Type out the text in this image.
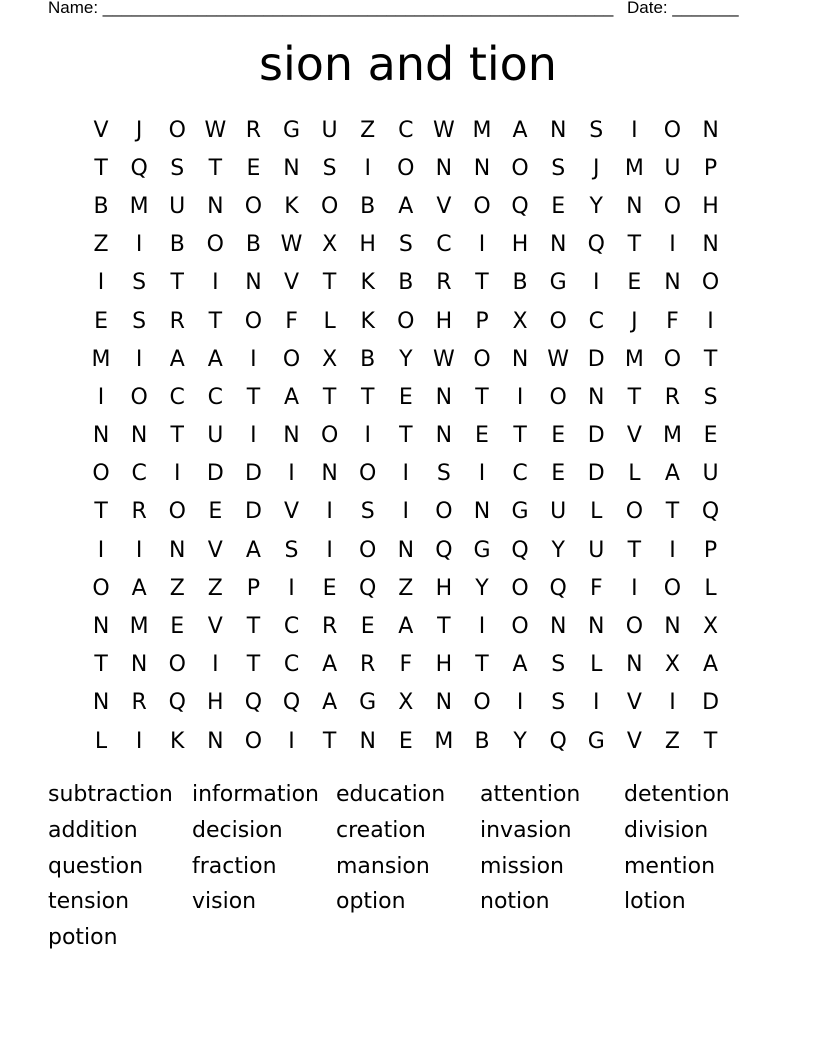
Name: ______________________________________________________ Date: _______
sion and tion
V	J	O W R G U	Z	C W M A	N	S	I	O N
T	Q	S	T	E	N	S	I	O N N O	S	J	M U	P
B M U N O	K	O B	A	V O Q	E	Y	N O H
Z	I	B O B W X	H	S	C	I	H N Q	T	I	N
I	S	T	I	N	V	T	K	B	R	T	B	G	I	E	N O
E	S	R	T	O	F	L	K	O H	P	X O C	J	F	I
M	I	A	A	I	O X	B	Y W O N W D M O	T
I	O C	C	T	A	T	T	E	N	T	I	O N	T	R	S
N N	T	U	I	N O	I	T	N	E	T	E	D	V M E
O C	I	D D	I	N O	I	S	I	C	E	D	L	A	U
T	R O	E	D	V	I	S	I	O N G U	L	O	T	Q
I	I	N	V	A	S	I	O N Q G Q	Y	U	T	I	P
O A	Z	Z	P	I	E	Q Z	H	Y	O Q	F	I	O	L
N M E	V	T	C	R	E	A	T	I	O N N O N	X
T	N O	I	T	C	A	R	F	H	T	A	S	L	N	X	A
N	R Q H Q Q A	G	X	N O	I	S	I	V	I	D
L	I	K	N O	I	T	N	E M B	Y	Q G	V	Z	T
subtraction information education	attention	detention
addition	decision	creation	invasion	division
question	fraction	mansion	mission	mention
tension	vision	option	notion	lotion
potion
